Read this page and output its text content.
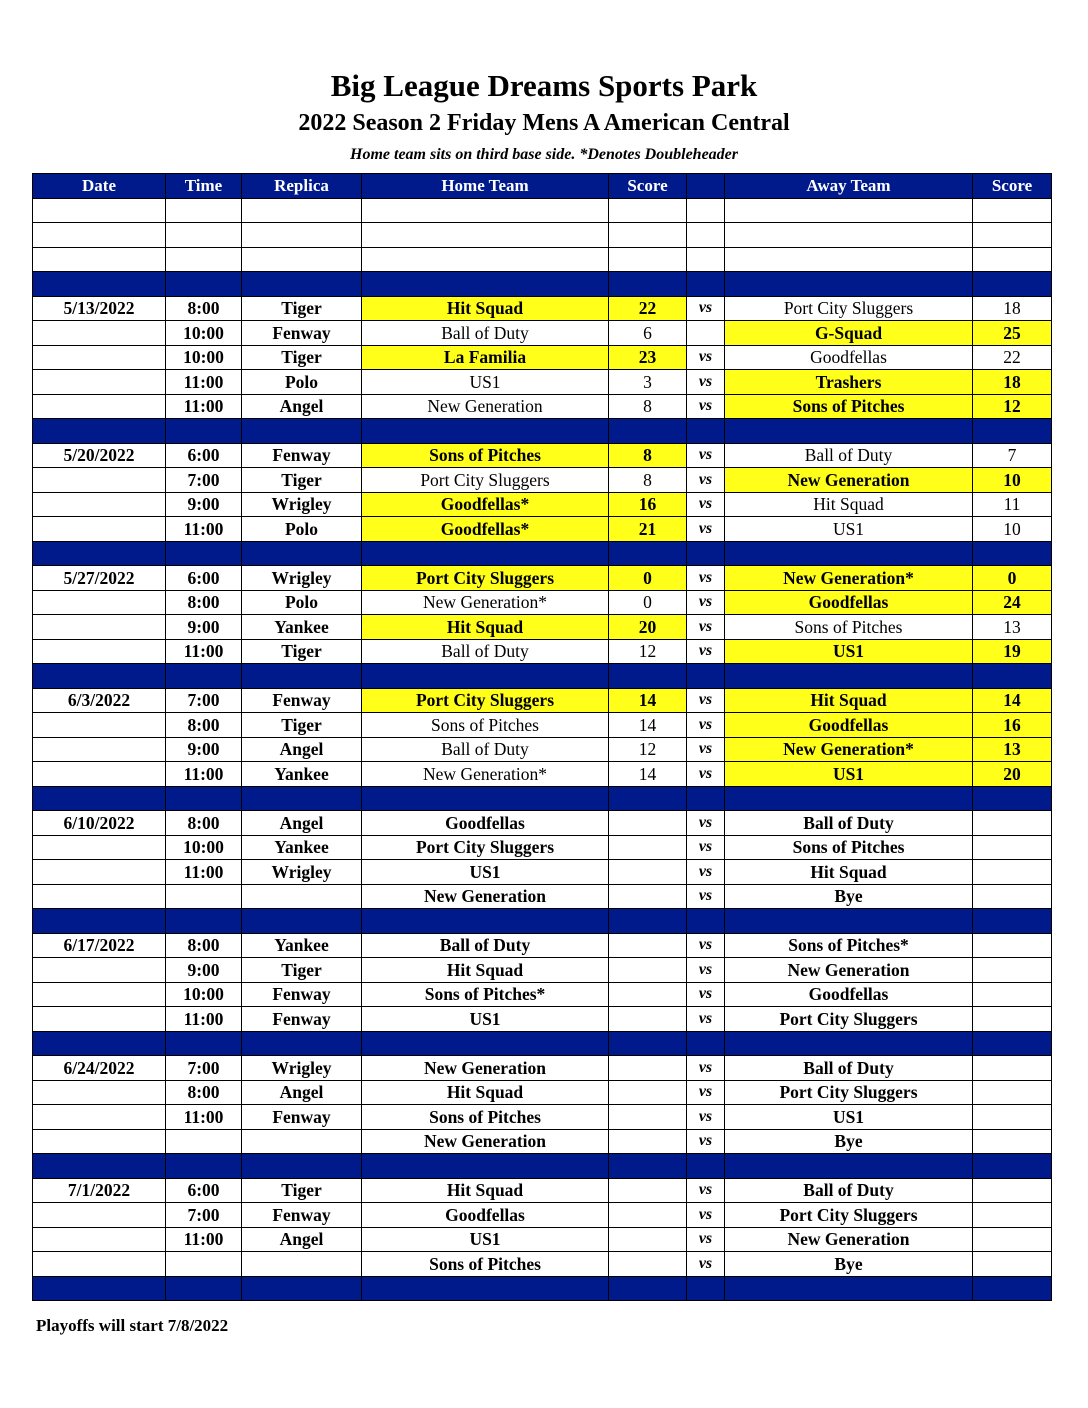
Big League Dreams Sports Park
2022 Season 2 Friday Mens A American Central
Home team sits on third base side. *Denotes Doubleheader
Date	Time	Replica	Home Team	Score		Away Team	Score

5/13/2022	8:00	Tiger	Hit Squad	22	vs	Port City Sluggers	18
	10:00	Fenway	Ball of Duty	6		G-Squad	25
	10:00	Tiger	La Familia	23	vs	Goodfellas	22
	11:00	Polo	US1	3	vs	Trashers	18
	11:00	Angel	New Generation	8	vs	Sons of Pitches	12

5/20/2022	6:00	Fenway	Sons of Pitches	8	vs	Ball of Duty	7
	7:00	Tiger	Port City Sluggers	8	vs	New Generation	10
	9:00	Wrigley	Goodfellas*	16	vs	Hit Squad	11
	11:00	Polo	Goodfellas*	21	vs	US1	10

5/27/2022	6:00	Wrigley	Port City Sluggers	0	vs	New Generation*	0
	8:00	Polo	New Generation*	0	vs	Goodfellas	24
	9:00	Yankee	Hit Squad	20	vs	Sons of Pitches	13
	11:00	Tiger	Ball of Duty	12	vs	US1	19

6/3/2022	7:00	Fenway	Port City Sluggers	14	vs	Hit Squad	14
	8:00	Tiger	Sons of Pitches	14	vs	Goodfellas	16
	9:00	Angel	Ball of Duty	12	vs	New Generation*	13
	11:00	Yankee	New Generation*	14	vs	US1	20

6/10/2022	8:00	Angel	Goodfellas		vs	Ball of Duty	
	10:00	Yankee	Port City Sluggers		vs	Sons of Pitches	
	11:00	Wrigley	US1		vs	Hit Squad	
			New Generation		vs	Bye	

6/17/2022	8:00	Yankee	Ball of Duty		vs	Sons of Pitches*	
	9:00	Tiger	Hit Squad		vs	New Generation	
	10:00	Fenway	Sons of Pitches*		vs	Goodfellas	
	11:00	Fenway	US1		vs	Port City Sluggers	

6/24/2022	7:00	Wrigley	New Generation		vs	Ball of Duty	
	8:00	Angel	Hit Squad		vs	Port City Sluggers	
	11:00	Fenway	Sons of Pitches		vs	US1	
			New Generation		vs	Bye	

7/1/2022	6:00	Tiger	Hit Squad		vs	Ball of Duty	
	7:00	Fenway	Goodfellas		vs	Port City Sluggers	
	11:00	Angel	US1		vs	New Generation	
			Sons of Pitches		vs	Bye	

Playoffs will start 7/8/2022
